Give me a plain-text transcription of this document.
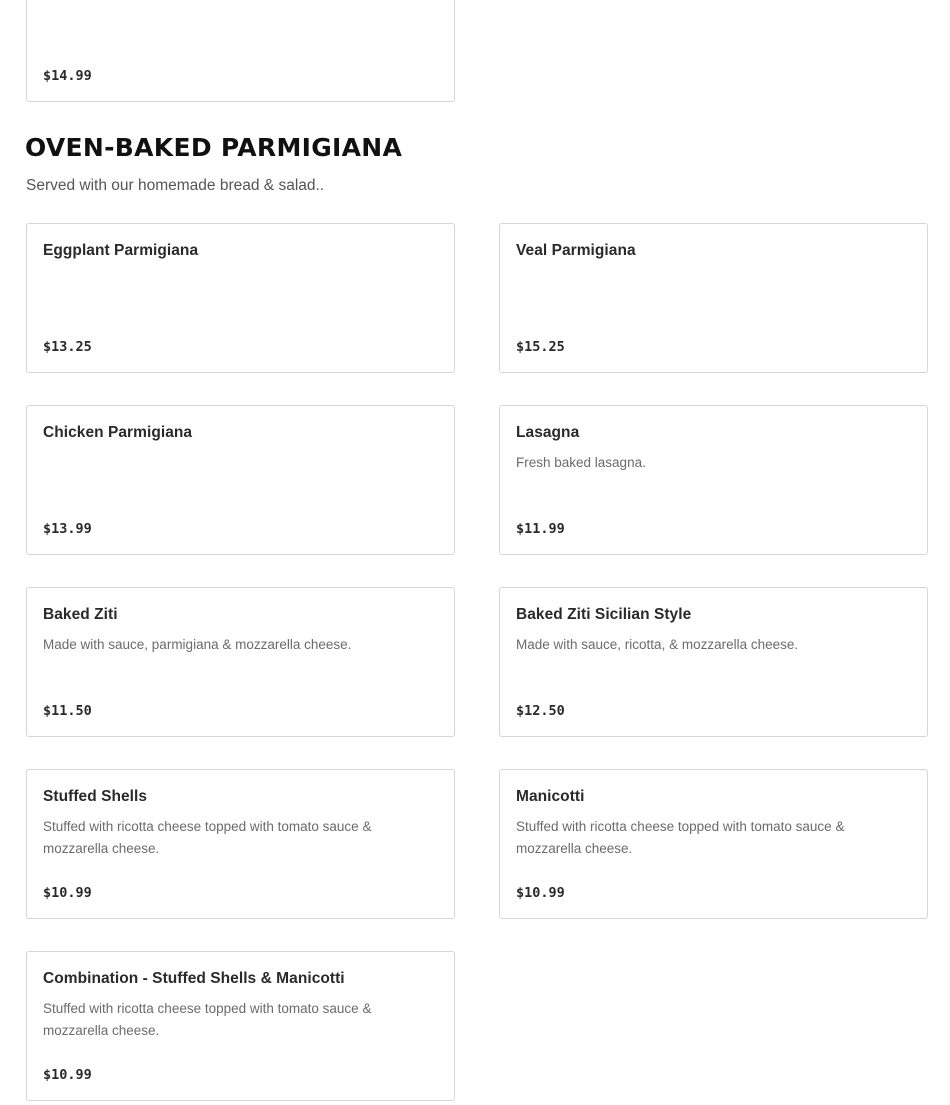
$14.99
OVEN-BAKED PARMIGIANA

Served with our homemade bread & salad..

Eggplant Parmigiana
$13.25
Veal Parmigiana
$15.25
Chicken Parmigiana
$13.99
Lasagna
Fresh baked lasagna.
$11.99
Baked Ziti
Made with sauce, parmigiana & mozzarella cheese.
$11.50
Baked Ziti Sicilian Style
Made with sauce, ricotta, & mozzarella cheese.
$12.50
Stuffed Shells
Stuffed with ricotta cheese topped with tomato sauce & mozzarella cheese.
$10.99
Manicotti
Stuffed with ricotta cheese topped with tomato sauce & mozzarella cheese.
$10.99
Combination - Stuffed Shells & Manicotti
Stuffed with ricotta cheese topped with tomato sauce & mozzarella cheese.
$10.99
